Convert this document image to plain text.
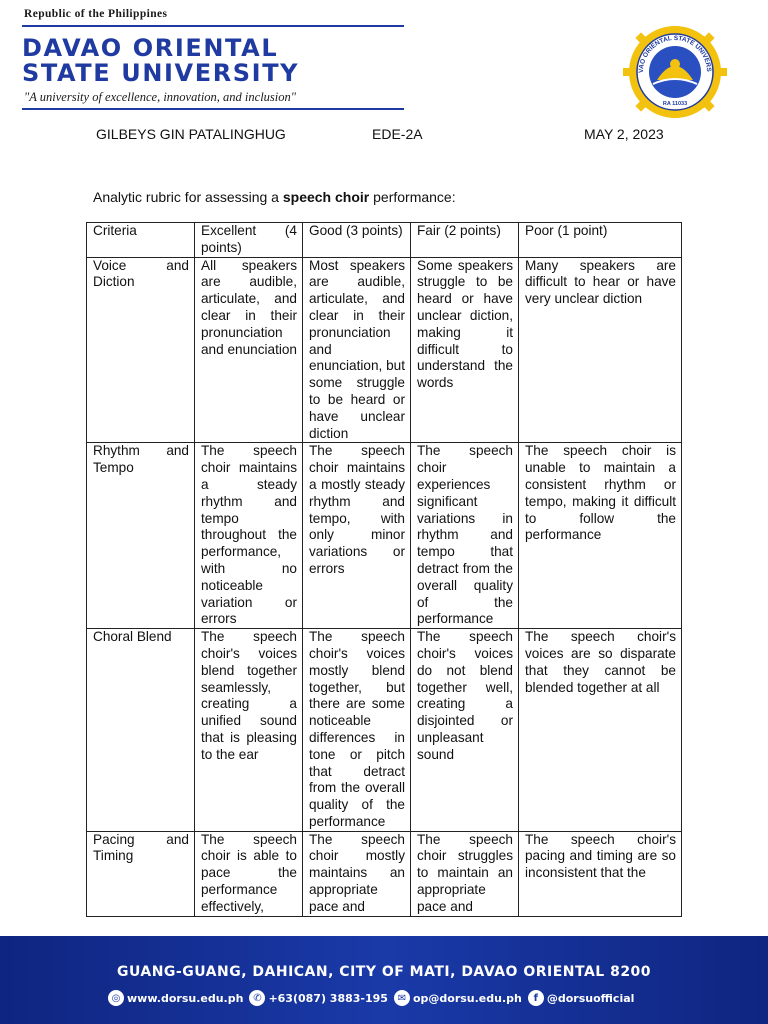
Republic of the Philippines
DAVAO ORIENTAL
STATE UNIVERSITY
"A university of excellence, innovation, and inclusion"
VAO ORIENTAL STATE UNIVERS
RA 11033
GILBEYS GIN PATALINGHUG	EDE-2A	MAY 2, 2023
Analytic rubric for assessing a speech choir performance:
Criteria	Excellent (4 points)	Good (3 points)	Fair (2 points)	Poor (1 point)
Voice and Diction	All speakers are audible, articulate, and clear in their pronunciation and enunciation	Most speakers are audible, articulate, and clear in their pronunciation and enunciation, but some struggle to be heard or have unclear diction	Some speakers struggle to be heard or have unclear diction, making it difficult to understand the words	Many speakers are difficult to hear or have very unclear diction
Rhythm and Tempo	The speech choir maintains a steady rhythm and tempo throughout the performance, with no noticeable variation or errors	The speech choir maintains a mostly steady rhythm and tempo, with only minor variations or errors	The speech choir experiences significant variations in rhythm and tempo that detract from the overall quality of the performance	The speech choir is unable to maintain a consistent rhythm or tempo, making it difficult to follow the performance
Choral Blend	The speech choir's voices blend together seamlessly, creating a unified sound that is pleasing to the ear	The speech choir's voices mostly blend together, but there are some noticeable differences in tone or pitch that detract from the overall quality of the performance	The speech choir's voices do not blend together well, creating a disjointed or unpleasant sound	The speech choir's voices are so disparate that they cannot be blended together at all
Pacing and Timing	The speech choir is able to pace the performance effectively,	The speech choir mostly maintains an appropriate pace and	The speech choir struggles to maintain an appropriate pace and	The speech choir's pacing and timing are so inconsistent that the
GUANG-GUANG, DAHICAN, CITY OF MATI, DAVAO ORIENTAL 8200
◎ www.dorsu.edu.ph ✆ +63(087) 3883-195 ✉ op@dorsu.edu.ph	f @dorsuofficial
